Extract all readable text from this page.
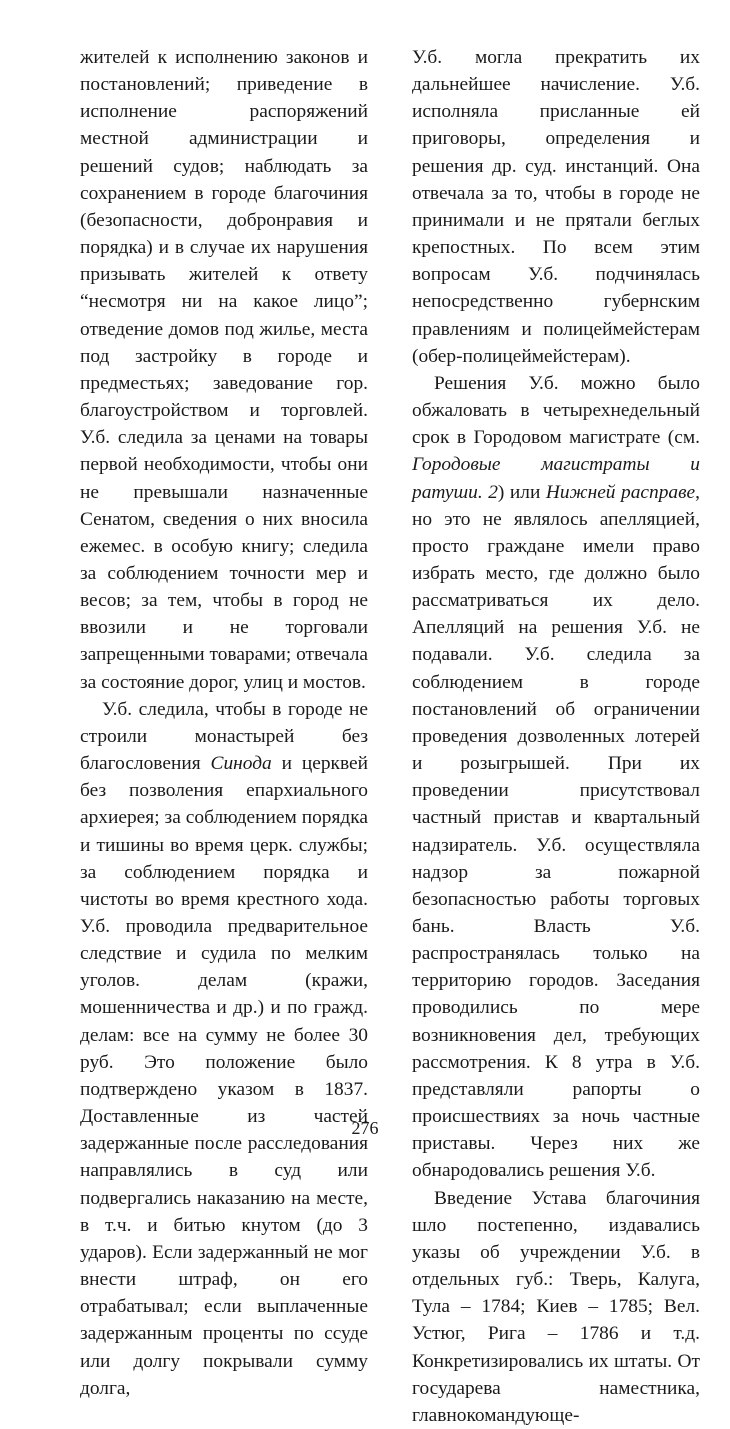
жителей к исполнению законов и постановлений; приведение в исполнение распоряжений местной администрации и решений судов; наблюдать за сохранением в городе благочиния (безопасности, добронравия и порядка) и в случае их нарушения призывать жителей к ответу “несмотря ни на какое лицо”; отведение домов под жилье, места под застройку в городе и предместьях; заведование гор. благоустройством и торговлей. У.б. следила за ценами на товары первой необходимости, чтобы они не превышали назначенные Сенатом, сведения о них вносила ежемес. в особую книгу; следила за соблюдением точности мер и весов; за тем, чтобы в город не ввозили и не торговали запрещенными товарами; отвечала за состояние дорог, улиц и мостов.

У.б. следила, чтобы в городе не строили монастырей без благословения Синода и церквей без позволения епархиального архиерея; за соблюдением порядка и тишины во время церк. службы; за соблюдением порядка и чистоты во время крестного хода. У.б. проводила предварительное следствие и судила по мелким уголов. делам (кражи, мошенничества и др.) и по гражд. делам: все на сумму не более 30 руб. Это положение было подтверждено указом в 1837. Доставленные из частей задержанные после расследования направлялись в суд или подвергались наказанию на месте, в т.ч. и битью кнутом (до 3 ударов). Если задержанный не мог внести штраф, он его отрабатывал; если выплаченные задержанным проценты по ссуде или долгу покрывали сумму долга,

У.б. могла прекратить их дальнейшее начисление. У.б. исполняла присланные ей приговоры, определения и решения др. суд. инстанций. Она отвечала за то, чтобы в городе не принимали и не прятали беглых крепостных. По всем этим вопросам У.б. подчинялась непосредственно губернским правлениям и полицеймейстерам (обер-полицеймейстерам).

Решения У.б. можно было обжаловать в четырехнедельный срок в Городовом магистрате (см. Городовые магистраты и ратуши. 2) или Нижней расправе, но это не являлось апелляцией, просто граждане имели право избрать место, где должно было рассматриваться их дело. Апелляций на решения У.б. не подавали. У.б. следила за соблюдением в городе постановлений об ограничении проведения дозволенных лотерей и розыгрышей. При их проведении присутствовал частный пристав и квартальный надзиратель. У.б. осуществляла надзор за пожарной безопасностью работы торговых бань. Власть У.б. распространялась только на территорию городов. Заседания проводились по мере возникновения дел, требующих рассмотрения. К 8 утра в У.б. представляли рапорты о происшествиях за ночь частные приставы. Через них же обнародовались решения У.б.

Введение Устава благочиния шло постепенно, издавались указы об учреждении У.б. в отдельных губ.: Тверь, Калуга, Тула – 1784; Киев – 1785; Вел. Устюг, Рига – 1786 и т.д. Конкретизировались их штаты. От государева наместника, главнокомандующе-

276
